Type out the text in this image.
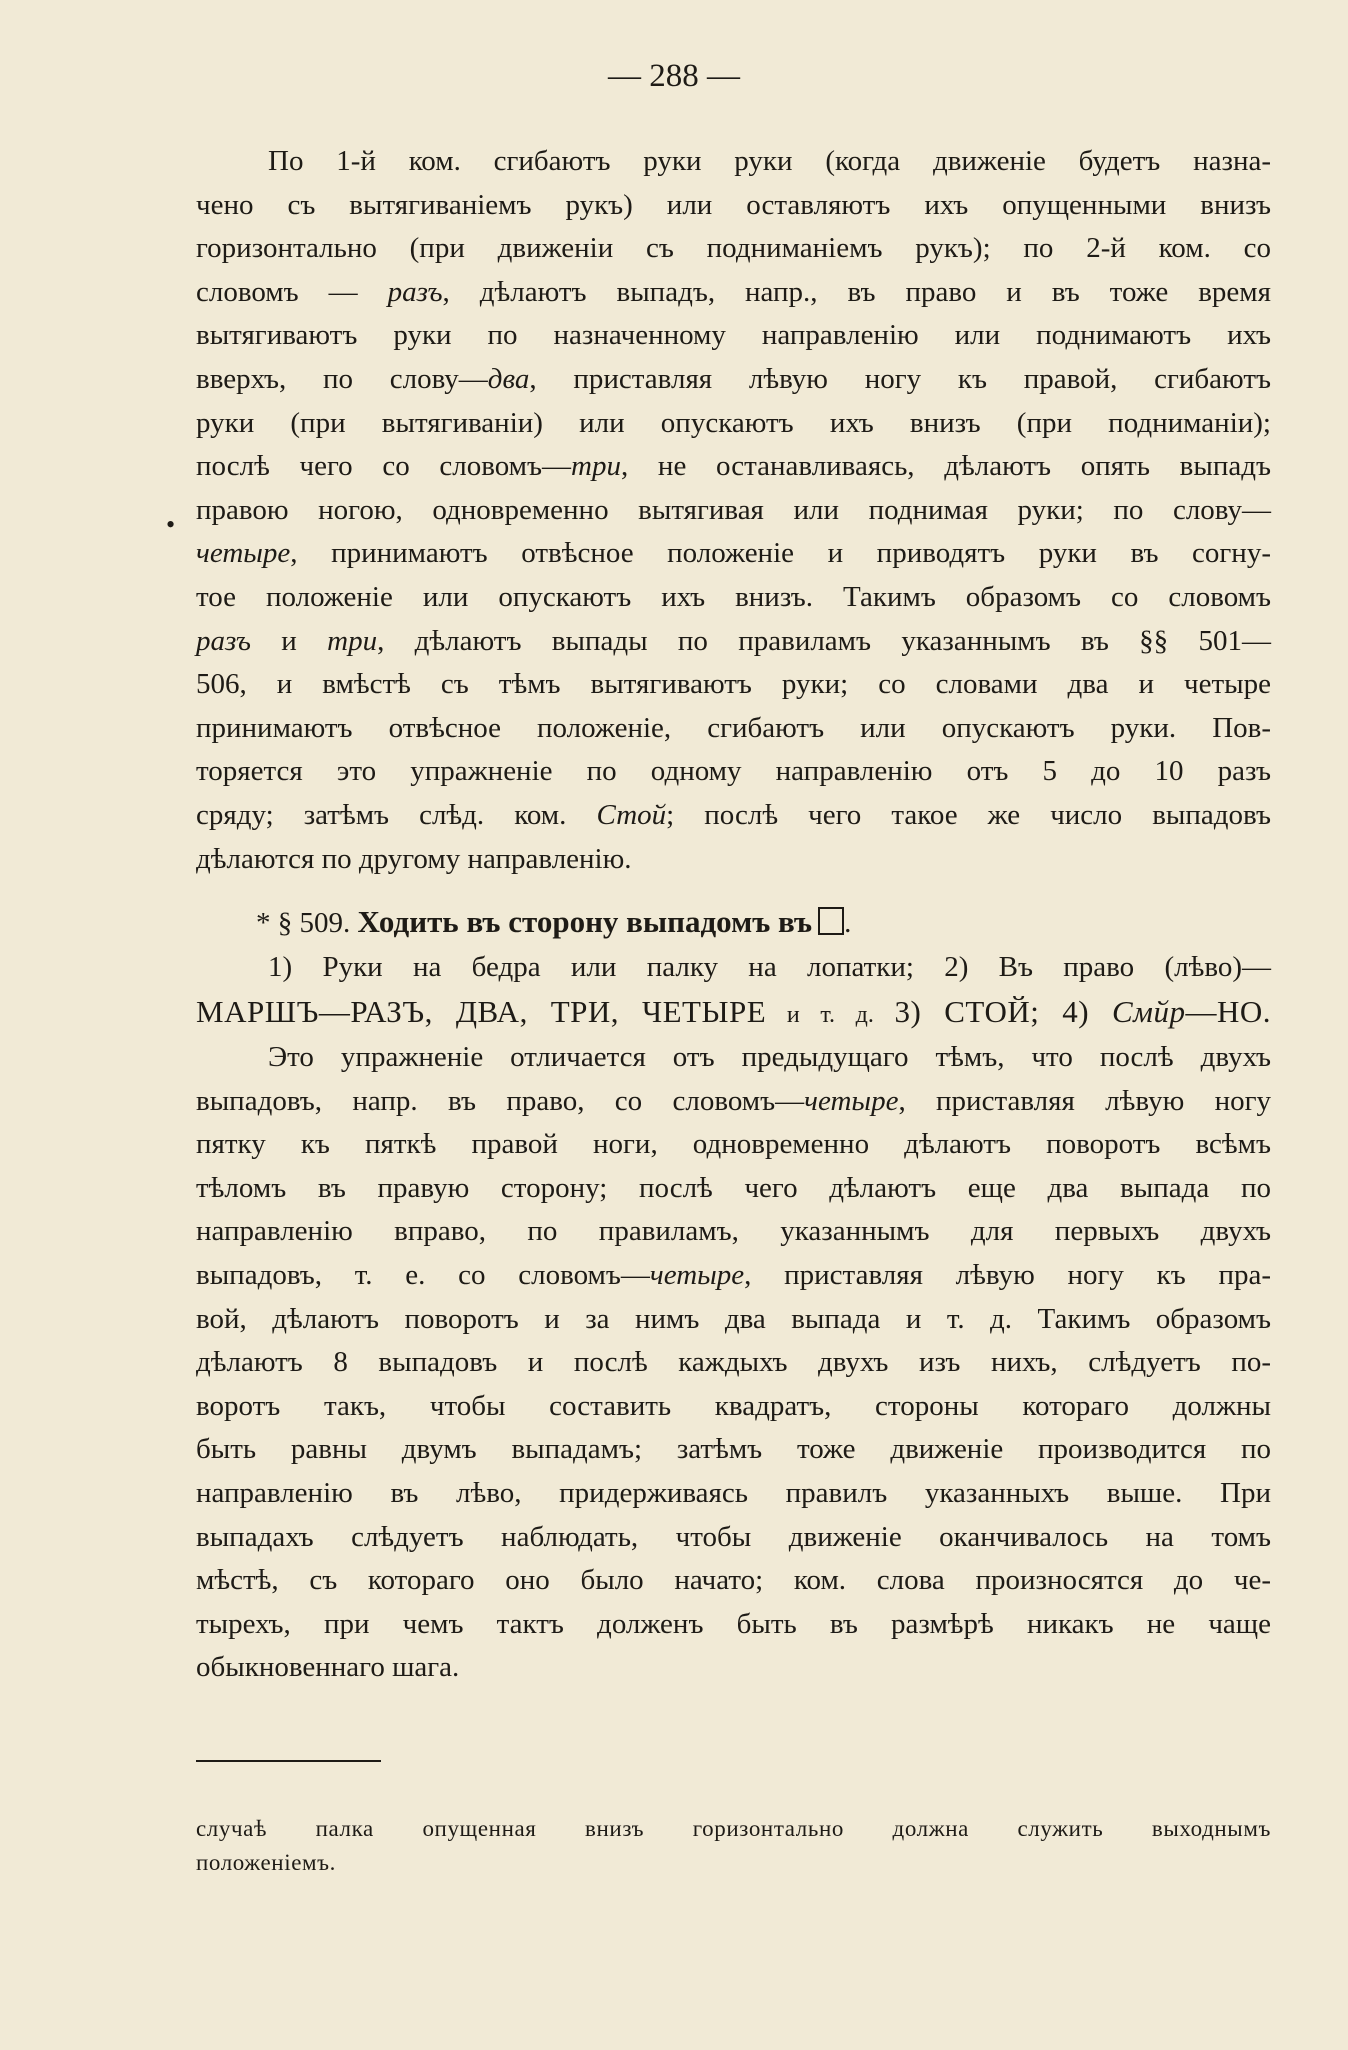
— 288 —
•
По 1-й ком. сгибаютъ руки руки (когда движеніе будетъ назна-
чено съ вытягиваніемъ рукъ) или оставляютъ ихъ опущенными внизъ
горизонтально (при движеніи съ подниманіемъ рукъ); по 2-й ком. со
словомъ — разъ, дѣлаютъ выпадъ, напр., въ право и въ тоже время
вытягиваютъ руки по назначенному направленію или поднимаютъ ихъ
вверхъ, по слову—два, приставляя лѣвую ногу къ правой, сгибаютъ
руки (при вытягиваніи) или опускаютъ ихъ внизъ (при подниманіи);
послѣ чего со словомъ—три, не останавливаясь, дѣлаютъ опять выпадъ
правою ногою, одновременно вытягивая или поднимая руки; по слову—
четыре, принимаютъ отвѣсное положеніе и приводятъ руки въ согну-
тое положеніе или опускаютъ ихъ внизъ. Такимъ образомъ со словомъ
разъ и три, дѣлаютъ выпады по правиламъ указаннымъ въ §§ 501—
506, и вмѣстѣ съ тѣмъ вытягиваютъ руки; со словами два и четыре
принимаютъ отвѣсное положеніе, сгибаютъ или опускаютъ руки. Пов-
торяется это упражненіе по одному направленію отъ 5 до 10 разъ
сряду; затѣмъ слѣд. ком. Стой; послѣ чего такое же число выпадовъ
дѣлаются по другому направленію.
* § 509. Ходить въ сторону выпадомъ въ .
1) Руки на бедра или палку на лопатки; 2) Въ право (лѣво)—
МАРШЪ—РАЗЪ, ДВА, ТРИ, ЧЕТЫРЕ и т. д. 3) СТОЙ; 4) Смйр—НО.
Это упражненіе отличается отъ предыдущаго тѣмъ, что послѣ двухъ
выпадовъ, напр. въ право, со словомъ—четыре, приставляя лѣвую ногу
пятку къ пяткѣ правой ноги, одновременно дѣлаютъ поворотъ всѣмъ
тѣломъ въ правую сторону; послѣ чего дѣлаютъ еще два выпада по
направленію вправо, по правиламъ, указаннымъ для первыхъ двухъ
выпадовъ, т. е. со словомъ—четыре, приставляя лѣвую ногу къ пра-
вой, дѣлаютъ поворотъ и за нимъ два выпада и т. д. Такимъ образомъ
дѣлаютъ 8 выпадовъ и послѣ каждыхъ двухъ изъ нихъ, слѣдуетъ по-
воротъ такъ, чтобы составить квадратъ, стороны котораго должны
быть равны двумъ выпадамъ; затѣмъ тоже движеніе производится по
направленію въ лѣво, придерживаясь правилъ указанныхъ выше. При
выпадахъ слѣдуетъ наблюдать, чтобы движеніе оканчивалось на томъ
мѣстѣ, съ котораго оно было начато; ком. слова произносятся до че-
тырехъ, при чемъ тактъ долженъ быть въ размѣрѣ никакъ не чаще
обыкновеннаго шага.
случаѣ палка опущенная внизъ горизонтально должна служить выходнымъ
положеніемъ.
